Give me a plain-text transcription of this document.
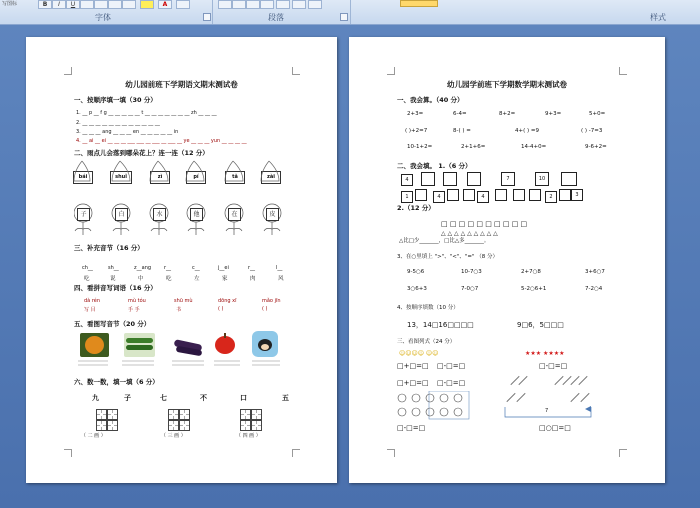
写图标	B	I	U	A
字体	段落	样式
幼儿园前班下学期语文期末测试卷
一、按顺序填一填（30 分）
1. __ p __ f g __ __ __ __ __ t __ __ __ __ __ __ __ zh __ __ __
2. __ __ __ __ __ __ __ __ __ __ __ __
3. __ __ __ ang __ __ __ en __ __ __ __ __ in
4. __ ai __ ei __ __ __ ___ ___ __ ___ __ ___ __ ye __ __ __ yun __ __ __ __
二、雨点儿会落到哪朵花上？连一连（12 分）
bái	shuǐ	zì	pí	tǎ	zài
子	白	水	他	在	皮
三、补充音节（16 分）
ch__	sh__	z__ang	r__	c__	j__ei	r__	l__
吃	说	中	吃	左	家	肉	风
四、看拼音写词语（16 分）
dà rén	mù tóu	shū mù	dōng xī	mǎo jīn
写 目	手 手	书	( )	( )
五、看图写音节（20 分）
六、数一数，填一填（6 分）
九	子	七	不	口	五
（ 二 画 ）	（ 三 画 ）	（ 四 画 ）
幼儿园学前班下学期数学期末测试卷
一、我会算。（40 分）
2+3=	6-4=	8+2=	9+3=	5+0=
( )+2=7	8-( ) =	4+( ) =9	( ) -7=3
10-1+2=	2+1+6=	14-4+0=	9-6+2=
二、我会填。 1.（6 分）
4	7	10
1	4	4	2	3
2.（12 分）
□ □ □ □ □ □ □ □ □ □
△ △ △ △ △ △ △ △ △
△比□少_______，□比△多_______。
3、在○里填上 ">"、"<"、"=" （8 分）
9-5○6	10-7○3	2+7○8	3+6○7
3○6+3	7-0○7	5-2○6+1	7-2○4
4、按顺序填数（10 分）
13，14□16□□□□	9□6，5□□□
三、看图列式（24 分）
☺☺☺☺ ☺☺	★★★ ★★★★
□+□=□ □-□=□	□-□=□
□+□=□ □-□=□
7
□-□=□	□○□=□
